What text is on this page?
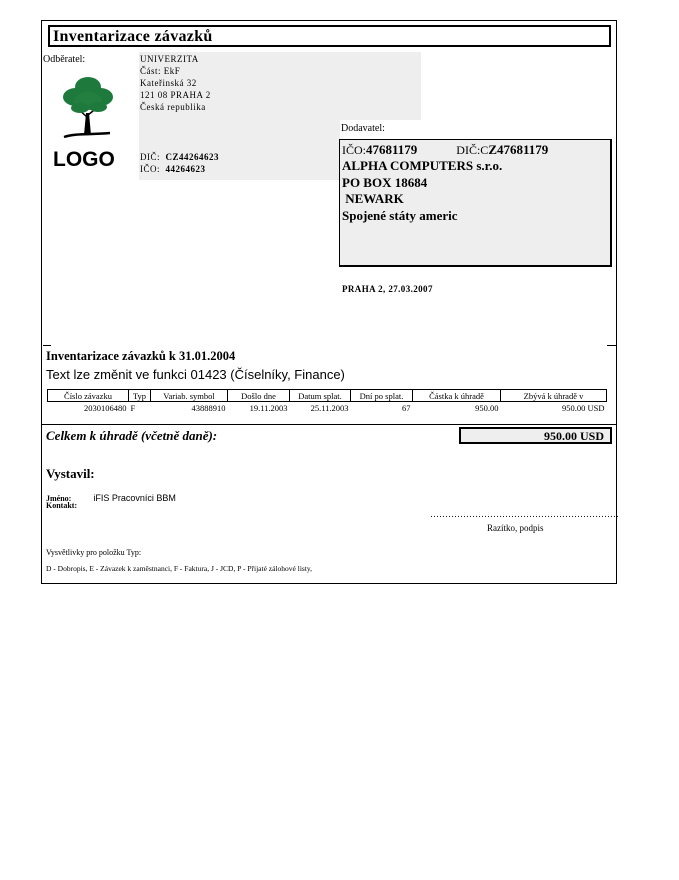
Inventarizace závazků
Odběratel:	UNIVERZITA
Část: EkF
Kateřinská 32
121 08 PRAHA 2
Česká republika
DIČ: CZ44264623
IČO: 44264623
LOGO
Dodavatel:
IČO:47681179	DIČ:CZ47681179
ALPHA COMPUTERS s.r.o.
PO BOX 18684
NEWARK
Spojené státy americ
PRAHA 2, 27.03.2007
Inventarizace závazků k 31.01.2004
Text lze změnit ve funkci 01423 (Číselníky, Finance)
Číslo závazku	Typ	Variab. symbol	Došlo dne	Datum splat.	Dní po splat.	Částka k úhradě	Zbývá k úhradě v
2030106480	F	43888910	19.11.2003	25.11.2003	67	950.00	950.00 USD
Celkem k úhradě (včetně daně):	950.00 USD
Vystavil:
Jméno: iFIS Pracovníci BBM
Kontakt:
………………………………………………………
Razítko, podpis
Vysvětlivky pro položku Typ:
D - Dobropis, E - Závazek k zaměstnanci, F - Faktura, J - JCD, P - Přijaté zálohové listy,
